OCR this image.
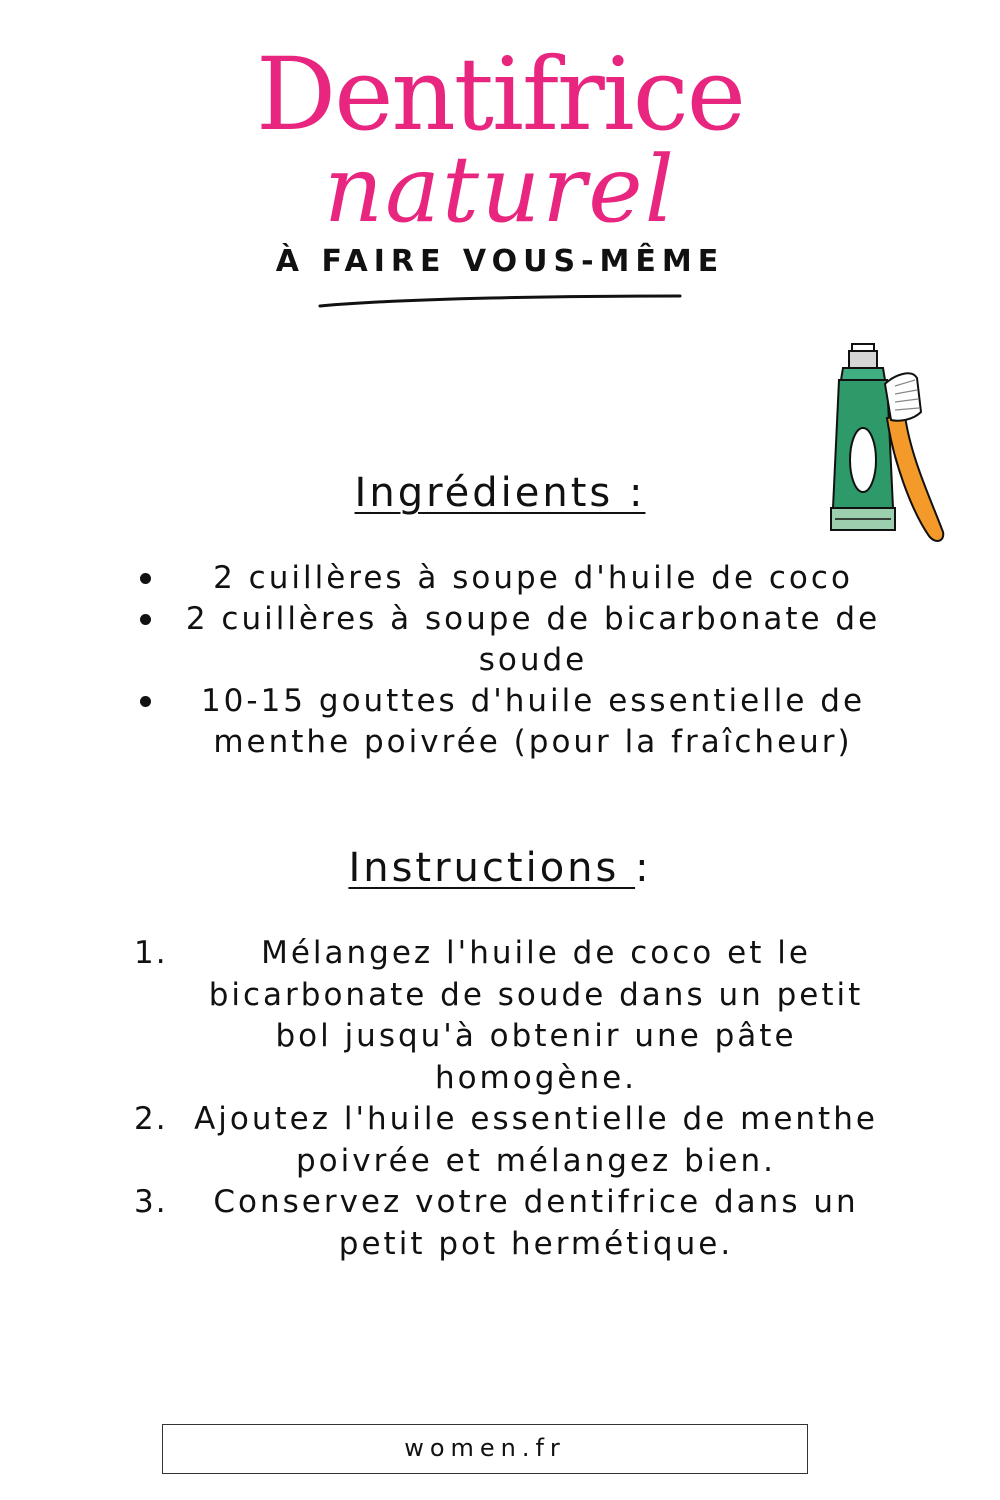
Dentifrice
naturel
À FAIRE VOUS-MÊME
Ingrédients :
2 cuillères à soupe d'huile de coco
2 cuillères à soupe de bicarbonate de soude
10-15 gouttes d'huile essentielle de menthe poivrée (pour la fraîcheur)
Instructions :
1.	Mélangez l'huile de coco et le bicarbonate de soude dans un petit bol jusqu'à obtenir une pâte homogène.
2. Ajoutez l'huile essentielle de menthe poivrée et mélangez bien.
3.	Conservez votre dentifrice dans un petit pot hermétique.
women.fr
